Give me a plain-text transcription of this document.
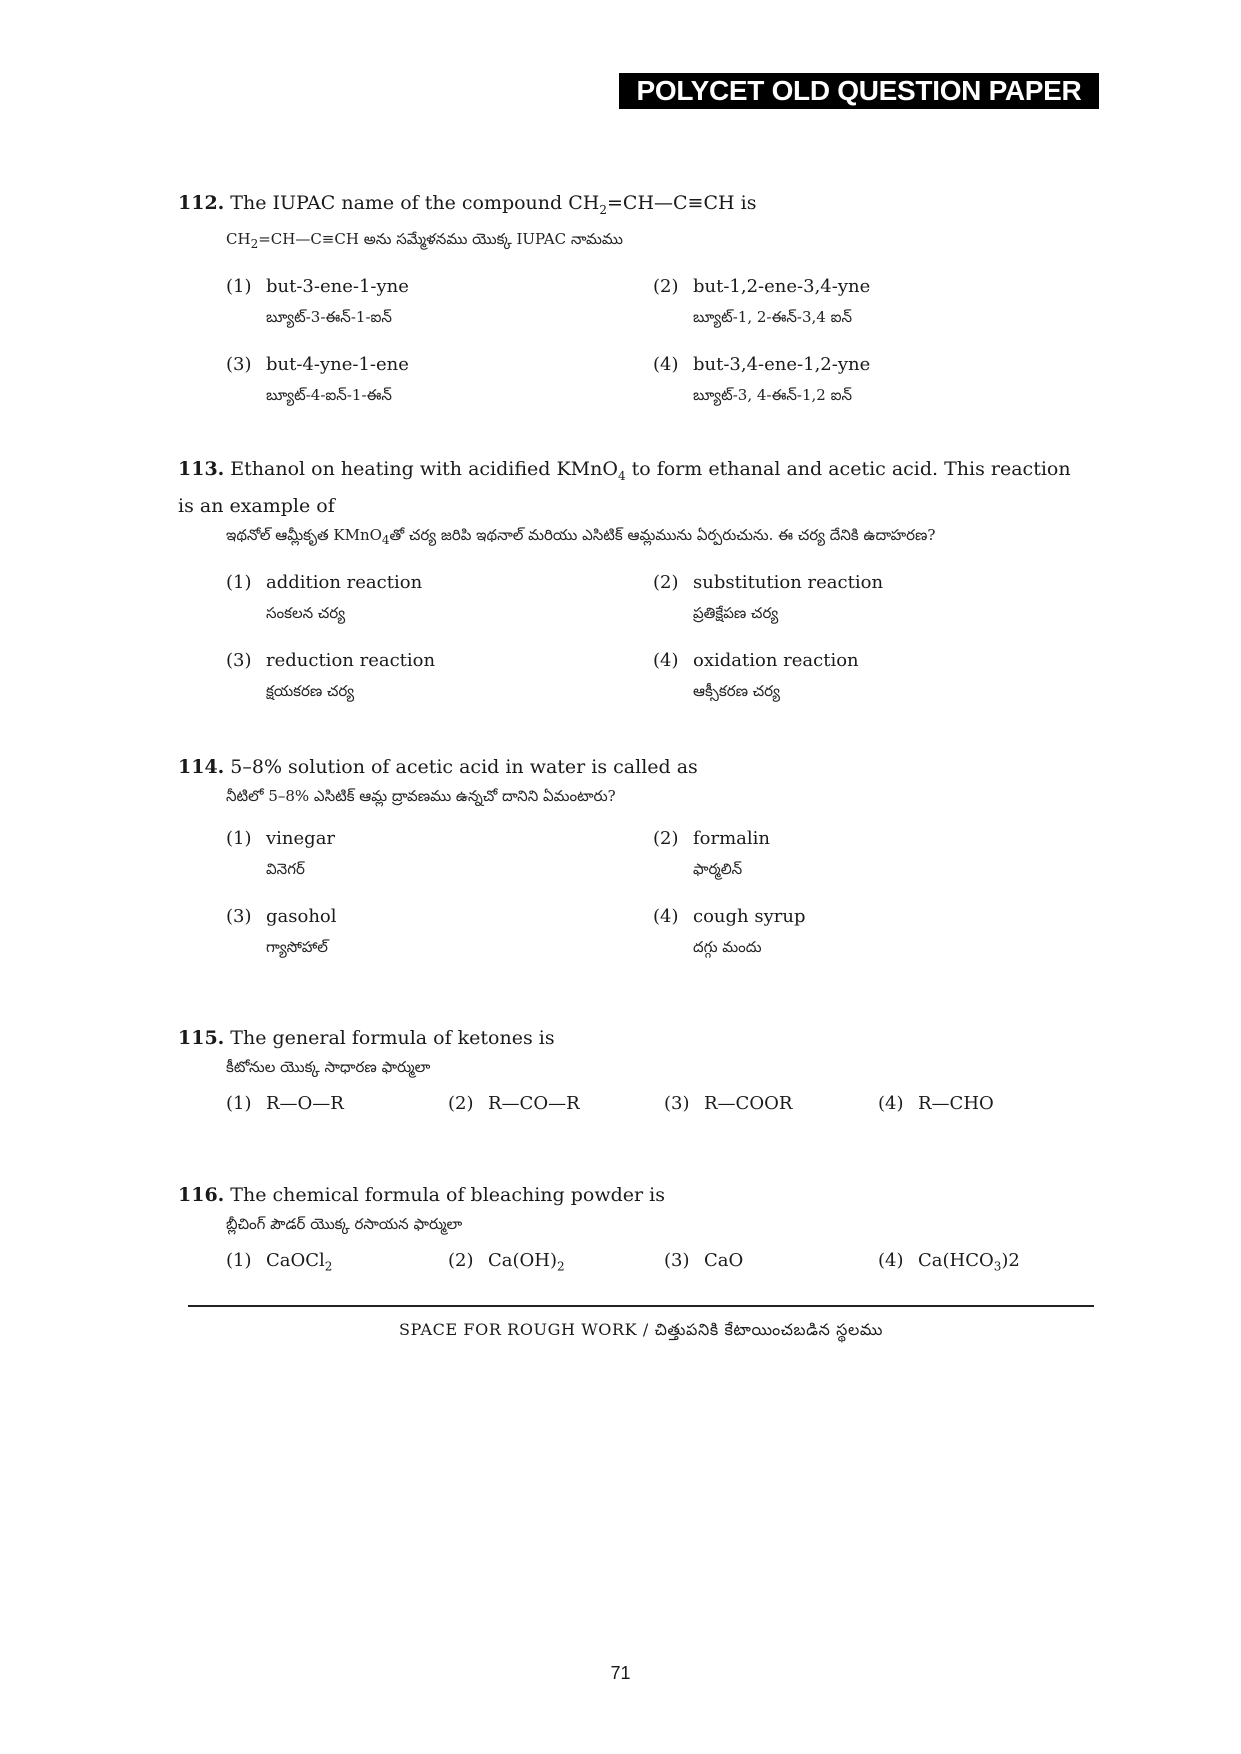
POLYCET OLD QUESTION PAPER
112. The IUPAC name of the compound $CH_2=CH—C\equiv CH$ is
$CH_2=CH—C\equiv CH$ అను సమ్మేళనము యొక్క IUPAC నామము
(1) but-3-ene-1-yne
బ్యూట్-3-ఈన్-1-ఐన్
(2) but-1,2-ene-3,4-yne
బ్యూట్-1, 2-ఈన్-3,4 ఐన్
(3) but-4-yne-1-ene
బ్యూట్-4-ఐన్-1-ఈన్
(4) but-3,4-ene-1,2-yne
బ్యూట్-3, 4-ఈన్-1,2 ఐన్
113. Ethanol on heating with acidified KMnO$_4$ to form ethanal and acetic acid. This reaction is an example of
ఇథనోల్ ఆమ్లీకృత KMnO$_4$తో చర్య జరిపి ఇథనాల్ మరియు ఎసిటిక్ ఆమ్లమును ఏర్పరుచును. ఈ చర్య దేనికి ఉదాహరణ?
(1) addition reaction
సంకలన చర్య
(2) substitution reaction
ప్రతిక్షేపణ చర్య
(3) reduction reaction
క్షయకరణ చర్య
(4) oxidation reaction
ఆక్సీకరణ చర్య
114. 5–8% solution of acetic acid in water is called as
నీటిలో 5–8% ఎసిటిక్ ఆమ్ల ద్రావణము ఉన్నచో దానిని ఏమంటారు?
(1) vinegar
వినెగర్
(2) formalin
ఫార్మలిన్
(3) gasohol
గ్యాసోహాల్
(4) cough syrup
దగ్గు మందు
115. The general formula of ketones is
కీటోనుల యొక్క సాధారణ ఫార్ములా
(1) R—O—R	(2) R—CO—R	(3) R—COOR	(4) R—CHO
116. The chemical formula of bleaching powder is
బ్లీచింగ్ పౌడర్ యొక్క రసాయన ఫార్ములా
(1) CaOCl$_2$	(2) $Ca(OH)_2$	(3) CaO	(4) $Ca(HCO_3)2$
SPACE FOR ROUGH WORK / చిత్తుపనికి కేటాయించబడిన స్థలము
71
